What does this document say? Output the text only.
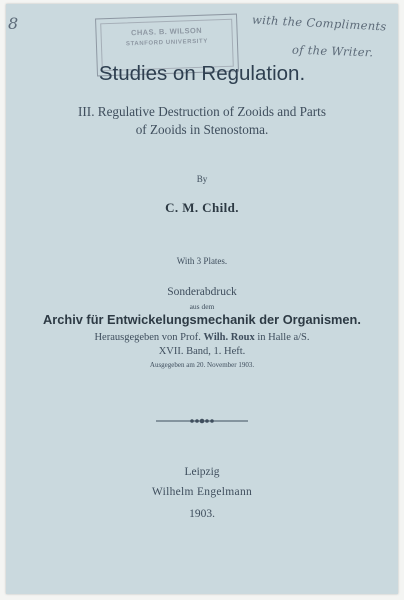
8	with the Compliments
of the Writer.
CHAS. B. WILSON
STANFORD UNIVERSITY
Studies on Regulation.
III. Regulative Destruction of Zooids and Parts
of Zooids in Stenostoma.
By
C. M. Child.
With 3 Plates.
Sonderabdruck
aus dem
Archiv für Entwickelungsmechanik der Organismen.
Herausgegeben von Prof. Wilh. Roux in Halle a/S.
XVII. Band, 1. Heft.
Ausgegeben am 20. November 1903.
Leipzig
Wilhelm Engelmann
1903.
